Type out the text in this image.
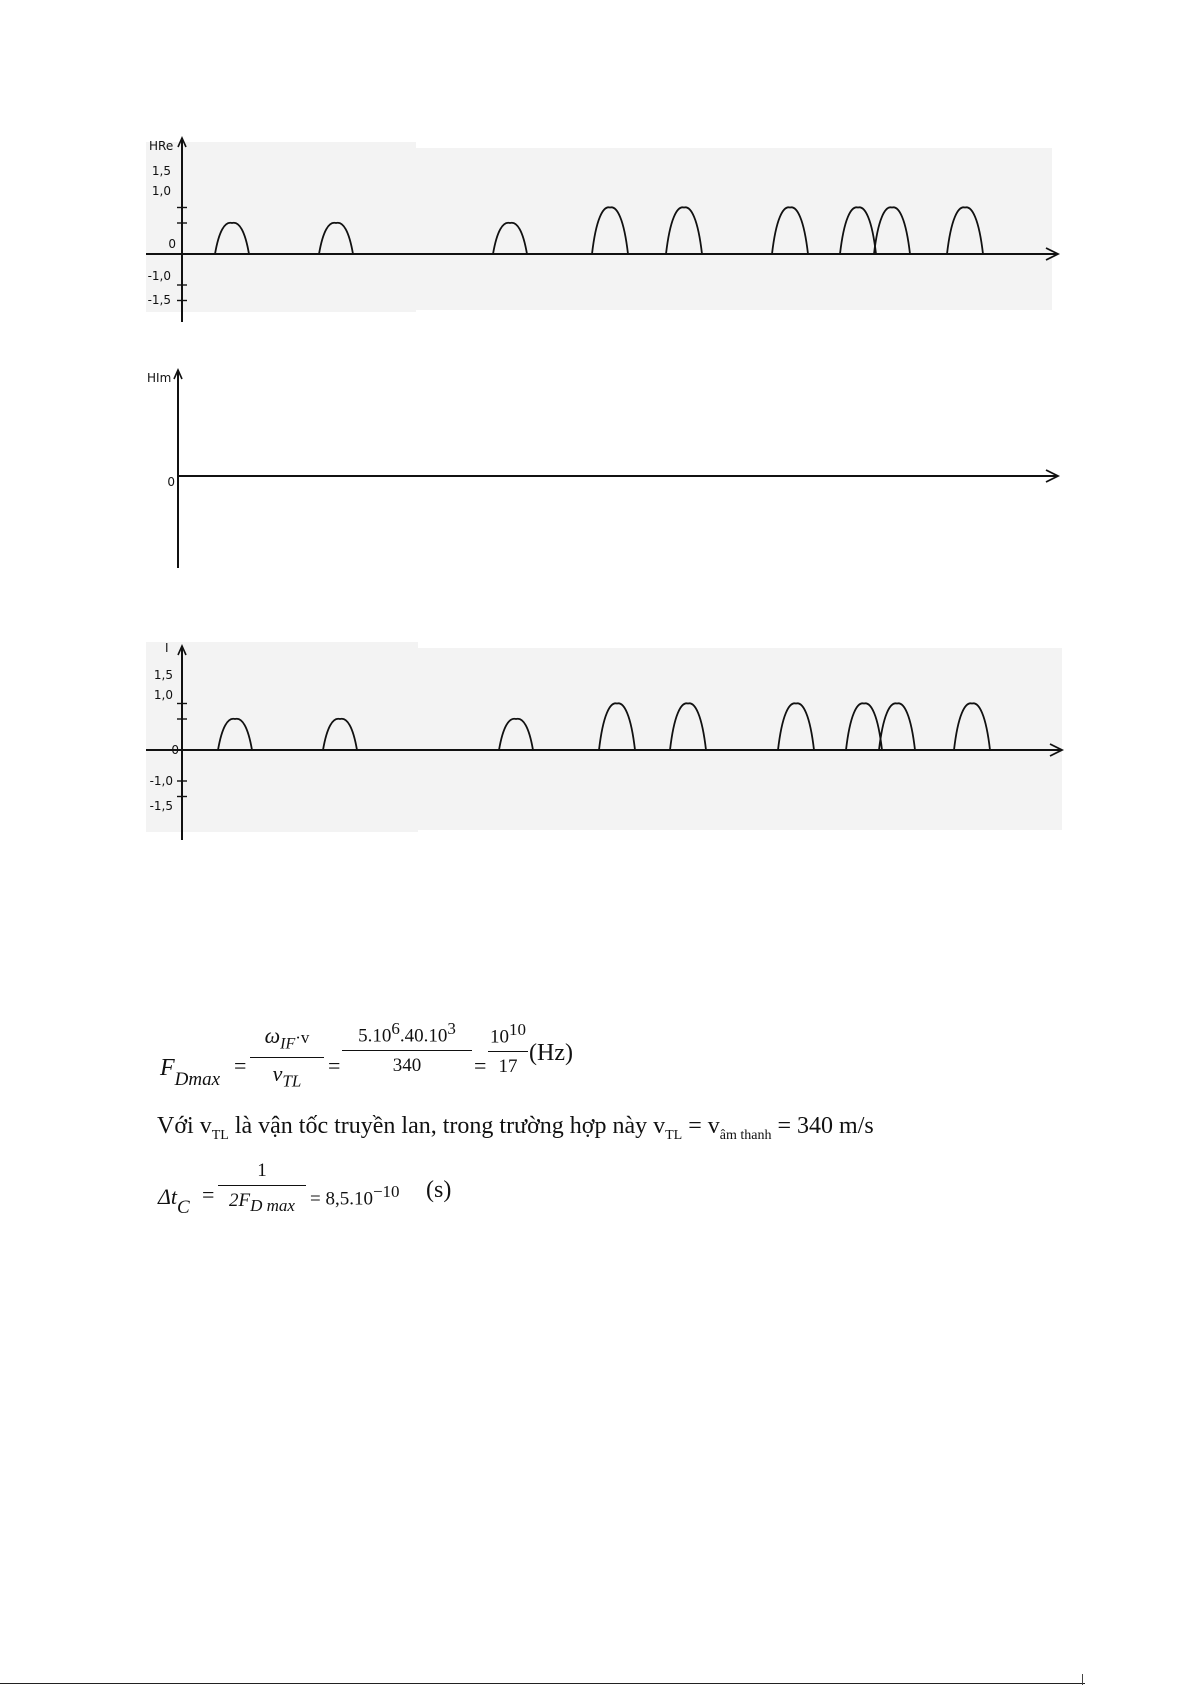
HRe
1,5
1,0
0
-1,0
-1,5
HIm
0
I
1,5
1,0
0
-1,0
-1,5
$F_{Dmax}$
=
$\omega_{IF}\cdot v$
$v_{TL}$
=
$5.10^6.40.10^3$
340	=
$10^{10}$
17
(Hz)
Với $v_{TL}$ là vận tốc truyền lan, trong trường hợp này $v_{TL} = v_{âm thanh} = 340$ m/s
$\Delta t_C$
=
1
$2F_{D max} = 8,5.10^{-10}$ (s)
